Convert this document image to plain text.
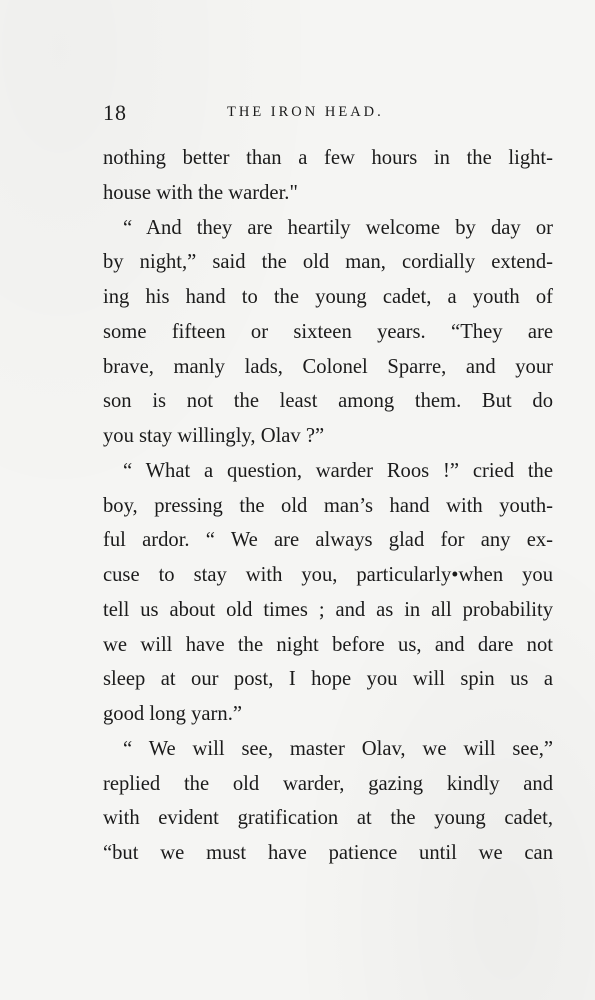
18	THE IRON HEAD.
nothing better than a few hours in the light-
house with the warder."
“ And they are heartily welcome by day or
by night,” said the old man, cordially extend-
ing his hand to the young cadet, a youth of
some fifteen or sixteen years. “They are
brave, manly lads, Colonel Sparre, and your
son is not the least among them. But do
you stay willingly, Olav ?”
“ What a question, warder Roos !” cried the
boy, pressing the old man’s hand with youth-
ful ardor. “ We are always glad for any ex-
cuse to stay with you, particularly•when you
tell us about old times ; and as in all probability
we will have the night before us, and dare not
sleep at our post, I hope you will spin us a
good long yarn.”
“ We will see, master Olav, we will see,”
replied the old warder, gazing kindly and
with evident gratification at the young cadet,
“but we must have patience until we can
